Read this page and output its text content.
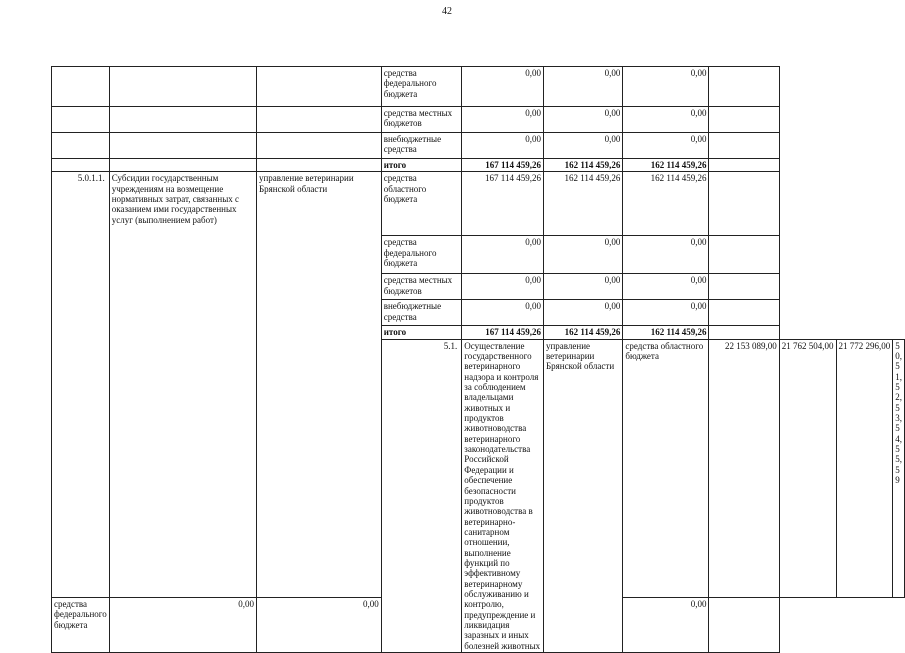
42
			средства федерального бюджета	0,00	0,00	0,00				
			средства местных бюджетов	0,00	0,00	0,00				
			внебюджетные средства	0,00	0,00	0,00				
			итого	167 114 459,26	162 114 459,26	162 114 459,26				
5.0.1.1.	Субсидии государственным учреждениям на возмещение нормативных затрат, связанных с оказанием ими государственных услуг (выполнением работ)	управление ветеринарии Брянской области	средства областного бюджета	167 114 459,26	162 114 459,26	162 114 459,26				
			средства федерального бюджета	0,00	0,00	0,00				
			средства местных бюджетов	0,00	0,00	0,00				
			внебюджетные средства	0,00	0,00	0,00				
			итого	167 114 459,26	162 114 459,26	162 114 459,26				
			5.1.	Осуществление государственного ветеринарного надзора и контроля за соблюдением владельцами животных и продуктов животноводства ветеринарного законодательства Российской Федерации и обеспечение безопасности продуктов животноводства в ветеринарно-санитарном отношении, выполнение функций по эффективному ветеринарному обслуживанию и контролю, предупреждение и ликвидация заразных и иных болезней животных	управление ветеринарии Брянской области	средства областного бюджета	22 153 089,00	21 762 504,00	21 772 296,00	50,51,52,53,54,55,59
средства федерального бюджета	0,00	0,00				0,00				
